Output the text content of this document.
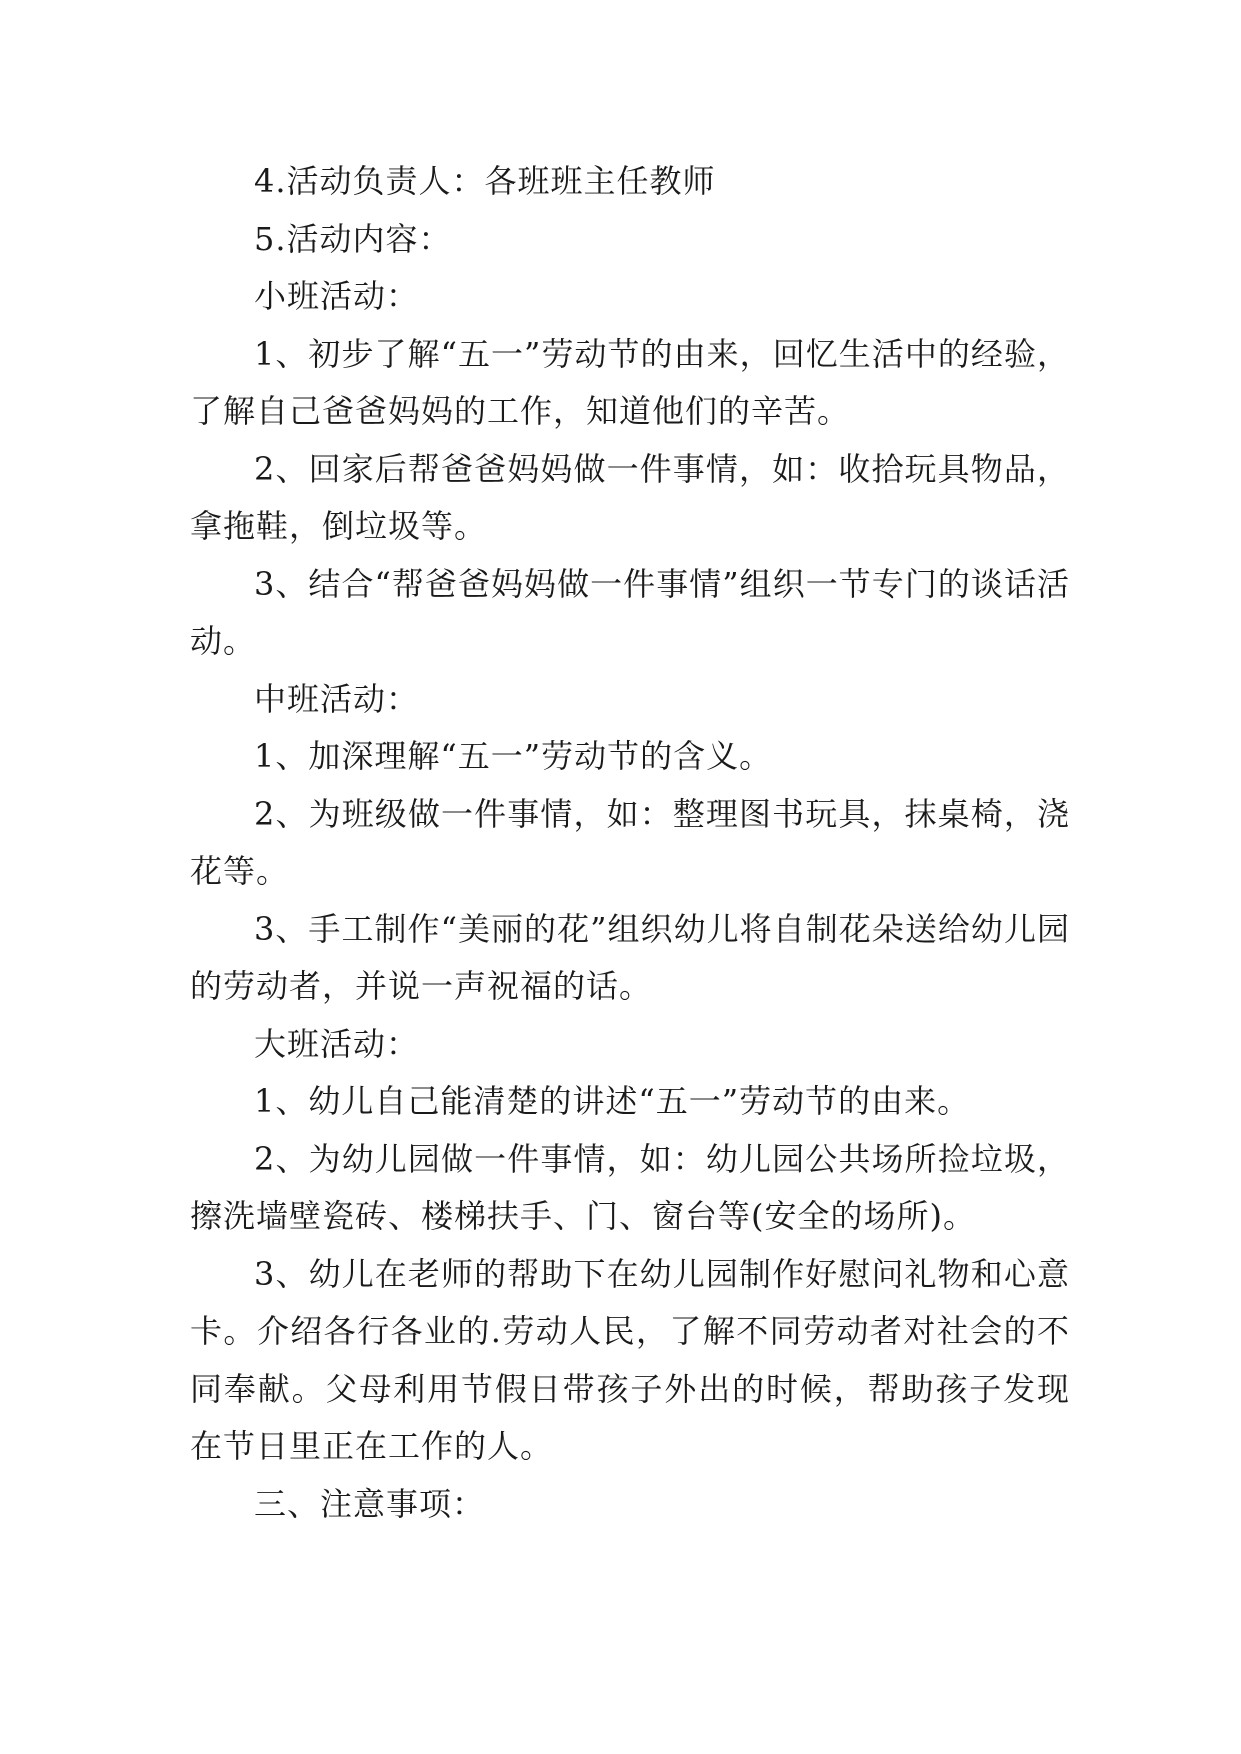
4.活动负责人：各班班主任教师

5.活动内容：

小班活动：

1、初步了解“五一”劳动节的由来，回忆生活中的经验，了解自己爸爸妈妈的工作，知道他们的辛苦。

2、回家后帮爸爸妈妈做一件事情，如：收拾玩具物品，拿拖鞋，倒垃圾等。

3、结合“帮爸爸妈妈做一件事情”组织一节专门的谈话活动。

中班活动：

1、加深理解“五一”劳动节的含义。

2、为班级做一件事情，如：整理图书玩具，抹桌椅，浇花等。

3、手工制作“美丽的花”组织幼儿将自制花朵送给幼儿园的劳动者，并说一声祝福的话。

大班活动：

1、幼儿自己能清楚的讲述“五一”劳动节的由来。

2、为幼儿园做一件事情，如：幼儿园公共场所捡垃圾，擦洗墙壁瓷砖、楼梯扶手、门、窗台等(安全的场所)。

3、幼儿在老师的帮助下在幼儿园制作好慰问礼物和心意卡。介绍各行各业的.劳动人民，了解不同劳动者对社会的不同奉献。父母利用节假日带孩子外出的时候，帮助孩子发现在节日里正在工作的人。

三、注意事项：
